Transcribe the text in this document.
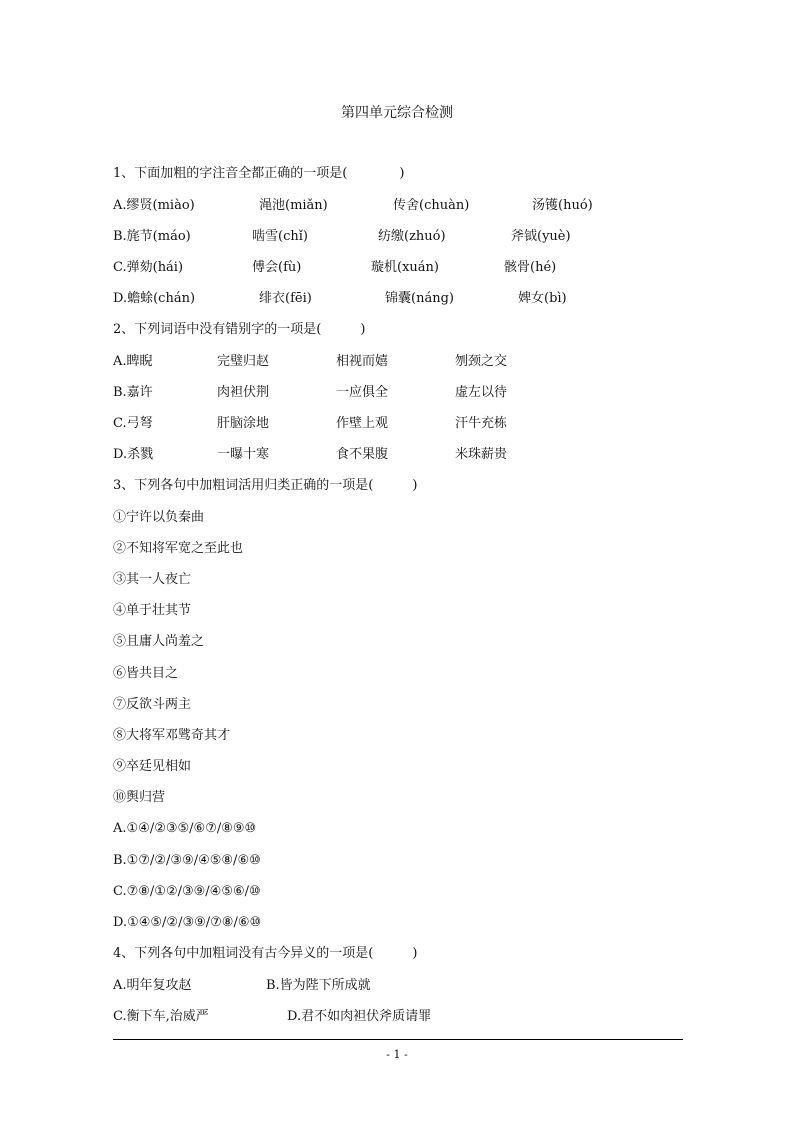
第四单元综合检测
1、下面加粗的字注音全都正确的一项是(　　　　)
A.缪贤(miào)	渑池(miǎn)	传舍(chuàn)	汤镬(huó)
B.旄节(máo)	啮雪(chǐ)	纺缴(zhuó)	斧钺(yuè)
C.弹劾(hái)	傅会(fù)	璇机(xuán)	骸骨(hé)
D.蟾蜍(chán)	绯衣(fēi)	锦囊(náng)	婢女(bì)
2、下列词语中没有错别字的一项是(　　　)
A.睥睨	完璧归赵	相视而嬉	刎颈之交
B.嘉许	肉袒伏荆	一应俱全	虚左以待
C.弓弩	肝脑涂地	作壁上观	汗牛充栋
D.杀戮	一曝十寒	食不果腹	米珠薪贵
3、下列各句中加粗词活用归类正确的一项是(　　　)
①宁许以负秦曲
②不知将军宽之至此也
③其一人夜亡
④单于壮其节
⑤且庸人尚羞之
⑥皆共目之
⑦反欲斗两主
⑧大将军邓骘奇其才
⑨卒廷见相如
⑩舆归营
A.①④/②③⑤/⑥⑦/⑧⑨⑩
B.①⑦/②/③⑨/④⑤⑧/⑥⑩
C.⑦⑧/①②/③⑨/④⑤⑥/⑩
D.①④⑤/②/③⑨/⑦⑧/⑥⑩
4、下列各句中加粗词没有古今异义的一项是(　　　)
A.明年复攻赵	B.皆为陛下所成就
C.衡下车,治威严	D.君不如肉袒伏斧质请罪
- 1 -
